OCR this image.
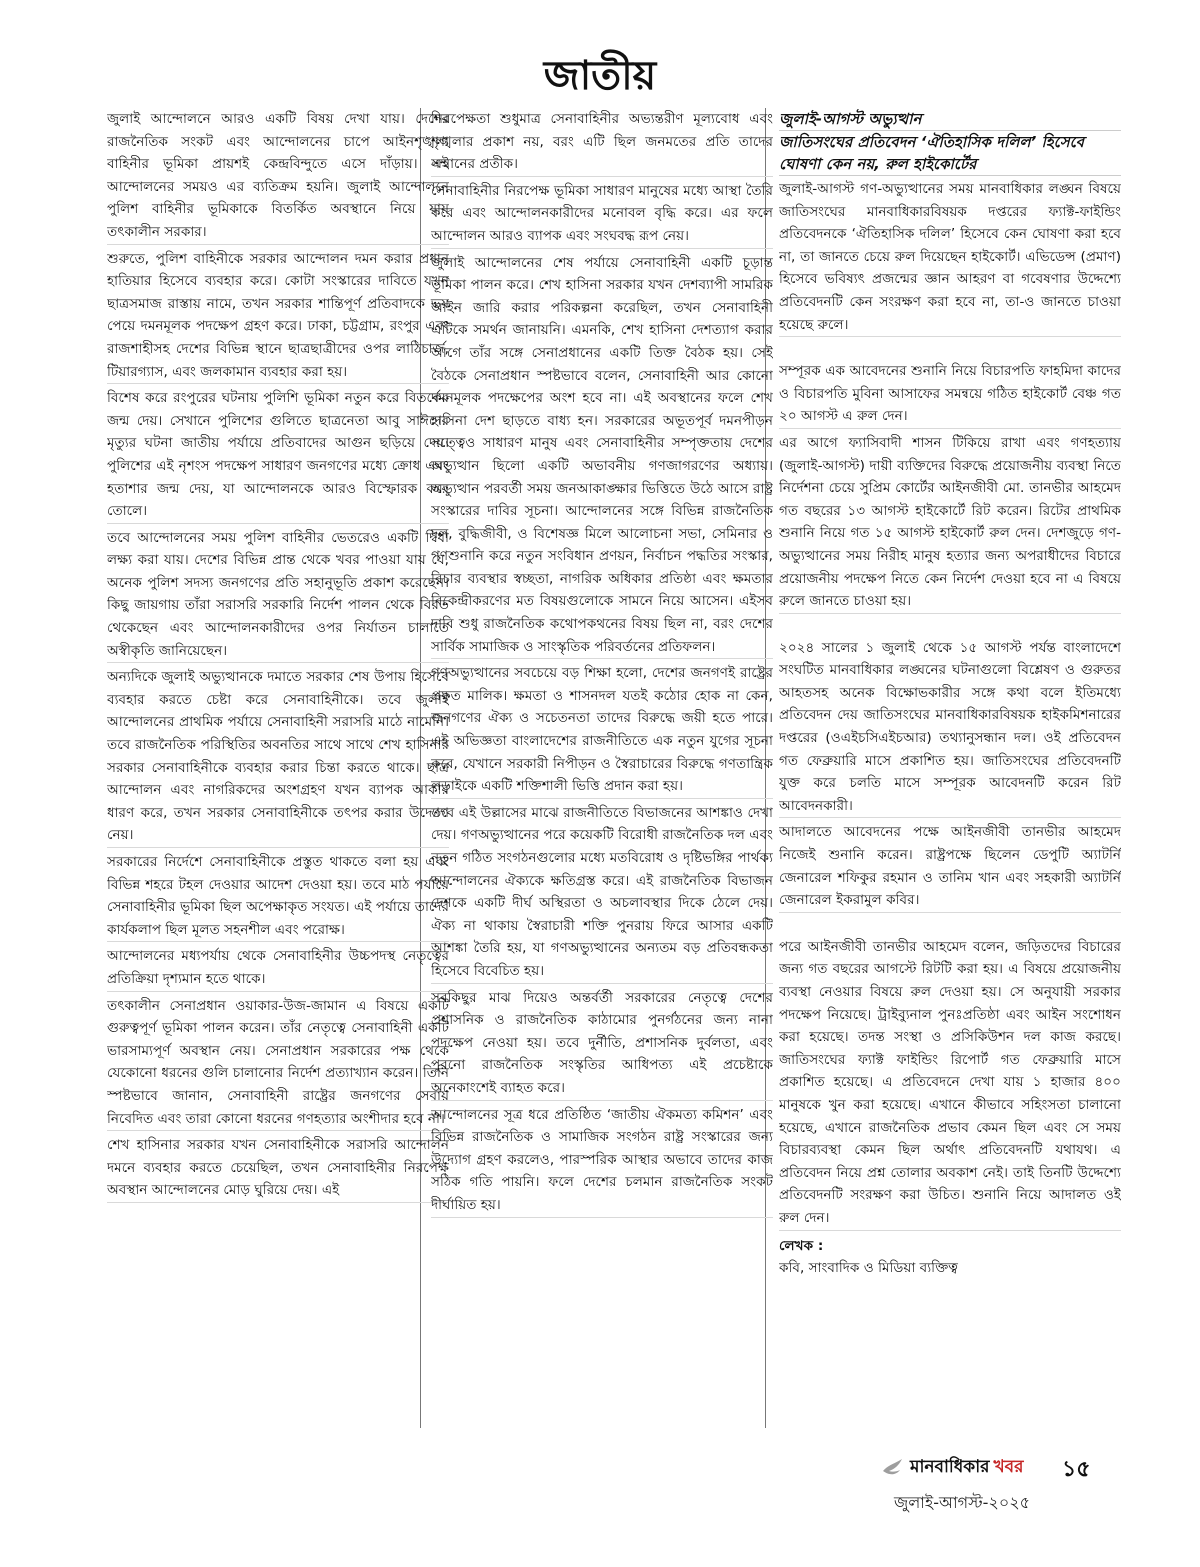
জাতীয়

জুলাই আন্দোলনে আরও একটি বিষয় দেখা যায়। দেশের রাজনৈতিক সংকট এবং আন্দোলনের চাপে আইনশৃঙ্খলা বাহিনীর ভূমিকা প্রায়শই কেন্দ্রবিন্দুতে এসে দাঁড়ায়। এই আন্দোলনের সময়ও এর ব্যতিক্রম হয়নি। জুলাই আন্দোলনে পুলিশ বাহিনীর ভূমিকাকে বিতর্কিত অবস্থানে নিয়ে যায় তৎকালীন সরকার।

শুরুতে, পুলিশ বাহিনীকে সরকার আন্দোলন দমন করার প্রধান হাতিয়ার হিসেবে ব্যবহার করে। কোটা সংস্কারের দাবিতে যখন ছাত্রসমাজ রাস্তায় নামে, তখন সরকার শান্তিপূর্ণ প্রতিবাদকে ভয় পেয়ে দমনমূলক পদক্ষেপ গ্রহণ করে। ঢাকা, চট্টগ্রাম, রংপুর এবং রাজশাহীসহ দেশের বিভিন্ন স্থানে ছাত্রছাত্রীদের ওপর লাঠিচার্জ, টিয়ারগ্যাস, এবং জলকামান ব্যবহার করা হয়।

বিশেষ করে রংপুরের ঘটনায় পুলিশি ভূমিকা নতুন করে বিতর্কের জন্ম দেয়। সেখানে পুলিশের গুলিতে ছাত্রনেতা আবু সাঈদের মৃত্যুর ঘটনা জাতীয় পর্যায়ে প্রতিবাদের আগুন ছড়িয়ে দেয়। পুলিশের এই নৃশংস পদক্ষেপ সাধারণ জনগণের মধ্যে ক্রোধ এবং হতাশার জন্ম দেয়, যা আন্দোলনকে আরও বিস্ফোরক করে তোলে।

তবে আন্দোলনের সময় পুলিশ বাহিনীর ভেতরেও একটি দ্বিধা লক্ষ্য করা যায়। দেশের বিভিন্ন প্রান্ত থেকে খবর পাওয়া যায় যে, অনেক পুলিশ সদস্য জনগণের প্রতি সহানুভূতি প্রকাশ করেছেন। কিছু জায়গায় তাঁরা সরাসরি সরকারি নির্দেশ পালন থেকে বিরত থেকেছেন এবং আন্দোলনকারীদের ওপর নির্যাতন চালাতে অস্বীকৃতি জানিয়েছেন।

অন্যদিকে জুলাই অভ্যুত্থানকে দমাতে সরকার শেষ উপায় হিসেবে ব্যবহার করতে চেষ্টা করে সেনাবাহিনীকে। তবে জুলাই আন্দোলনের প্রাথমিক পর্যায়ে সেনাবাহিনী সরাসরি মাঠে নামেনি। তবে রাজনৈতিক পরিস্থিতির অবনতির সাথে সাথে শেখ হাসিনার সরকার সেনাবাহিনীকে ব্যবহার করার চিন্তা করতে থাকে। ছাত্র আন্দোলন এবং নাগরিকদের অংশগ্রহণ যখন ব্যাপক আকার ধারণ করে, তখন সরকার সেনাবাহিনীকে তৎপর করার উদ্যোগ নেয়।

সরকারের নির্দেশে সেনাবাহিনীকে প্রস্তুত থাকতে বলা হয় এবং বিভিন্ন শহরে টহল দেওয়ার আদেশ দেওয়া হয়। তবে মাঠ পর্যায়ে সেনাবাহিনীর ভূমিকা ছিল অপেক্ষাকৃত সংযত। এই পর্যায়ে তাদের কার্যকলাপ ছিল মূলত সহনশীল এবং পরোক্ষ।

আন্দোলনের মধ্যপর্যায় থেকে সেনাবাহিনীর উচ্চপদস্থ নেতৃত্বের প্রতিক্রিয়া দৃশ্যমান হতে থাকে।

তৎকালীন সেনাপ্রধান ওয়াকার-উজ-জামান এ বিষয়ে একটি গুরুত্বপূর্ণ ভূমিকা পালন করেন। তাঁর নেতৃত্বে সেনাবাহিনী একটি ভারসাম্যপূর্ণ অবস্থান নেয়। সেনাপ্রধান সরকারের পক্ষ থেকে যেকোনো ধরনের গুলি চালানোর নির্দেশ প্রত্যাখ্যান করেন। তিনি স্পষ্টভাবে জানান, সেনাবাহিনী রাষ্ট্রের জনগণের সেবায় নিবেদিত এবং তারা কোনো ধরনের গণহত্যার অংশীদার হবে না।

শেখ হাসিনার সরকার যখন সেনাবাহিনীকে সরাসরি আন্দোলন দমনে ব্যবহার করতে চেয়েছিল, তখন সেনাবাহিনীর নিরপেক্ষ অবস্থান আন্দোলনের মোড় ঘুরিয়ে দেয়। এই

নিরপেক্ষতা শুধুমাত্র সেনাবাহিনীর অভ্যন্তরীণ মূল্যবোধ এবং শৃঙ্খলার প্রকাশ নয়, বরং এটি ছিল জনমতের প্রতি তাদের সম্মানের প্রতীক।

সেনাবাহিনীর নিরপেক্ষ ভূমিকা সাধারণ মানুষের মধ্যে আস্থা তৈরি করে এবং আন্দোলনকারীদের মনোবল বৃদ্ধি করে। এর ফলে আন্দোলন আরও ব্যাপক এবং সংঘবদ্ধ রূপ নেয়।

জুলাই আন্দোলনের শেষ পর্যায়ে সেনাবাহিনী একটি চূড়ান্ত ভূমিকা পালন করে। শেখ হাসিনা সরকার যখন দেশব্যাপী সামরিক আইন জারি করার পরিকল্পনা করেছিল, তখন সেনাবাহিনী এটিকে সমর্থন জানায়নি। এমনকি, শেখ হাসিনা দেশত্যাগ করার আগে তাঁর সঙ্গে সেনাপ্রধানের একটি তিক্ত বৈঠক হয়। সেই বৈঠকে সেনাপ্রধান স্পষ্টভাবে বলেন, সেনাবাহিনী আর কোনো দমনমূলক পদক্ষেপের অংশ হবে না। এই অবস্থানের ফলে শেখ হাসিনা দেশ ছাড়তে বাধ্য হন। সরকারের অভূতপূর্ব দমনপীড়ন সত্ত্বেও সাধারণ মানুষ এবং সেনাবাহিনীর সম্পৃক্ততায় দেশের অভ্যুত্থান ছিলো একটি অভাবনীয় গণজাগরণের অধ্যায়। অভ্যুত্থান পরবর্তী সময় জনআকাঙ্ক্ষার ভিত্তিতে উঠে আসে রাষ্ট্র সংস্কারের দাবির সূচনা। আন্দোলনের সঙ্গে বিভিন্ন রাজনৈতিক দল, বুদ্ধিজীবী, ও বিশেষজ্ঞ মিলে আলোচনা সভা, সেমিনার ও গণশুনানি করে নতুন সংবিধান প্রণয়ন, নির্বাচন পদ্ধতির সংস্কার, বিচার ব্যবস্থার স্বচ্ছতা, নাগরিক অধিকার প্রতিষ্ঠা এবং ক্ষমতার বিকেন্দ্রীকরণের মত বিষয়গুলোকে সামনে নিয়ে আসেন। এইসব দাবি শুধু রাজনৈতিক কথোপকথনের বিষয় ছিল না, বরং দেশের সার্বিক সামাজিক ও সাংস্কৃতিক পরিবর্তনের প্রতিফলন।

গণঅভ্যুত্থানের সবচেয়ে বড় শিক্ষা হলো, দেশের জনগণই রাষ্ট্রের প্রকৃত মালিক। ক্ষমতা ও শাসনদল যতই কঠোর হোক না কেন, জনগণের ঐক্য ও সচেতনতা তাদের বিরুদ্ধে জয়ী হতে পারে। এই অভিজ্ঞতা বাংলাদেশের রাজনীতিতে এক নতুন যুগের সূচনা করে, যেখানে সরকারী নিপীড়ন ও স্বৈরাচারের বিরুদ্ধে গণতান্ত্রিক লড়াইকে একটি শক্তিশালী ভিত্তি প্রদান করা হয়।

তবে এই উল্লাসের মাঝে রাজনীতিতে বিভাজনের আশঙ্কাও দেখা দেয়। গণঅভ্যুত্থানের পরে কয়েকটি বিরোধী রাজনৈতিক দল এবং নতুন গঠিত সংগঠনগুলোর মধ্যে মতবিরোধ ও দৃষ্টিভঙ্গির পার্থক্য আন্দোলনের ঐক্যকে ক্ষতিগ্রস্ত করে। এই রাজনৈতিক বিভাজন দেশকে একটি দীর্ঘ অস্থিরতা ও অচলাবস্থার দিকে ঠেলে দেয়। ঐক্য না থাকায় স্বৈরাচারী শক্তি পুনরায় ফিরে আসার একটি আশঙ্কা তৈরি হয়, যা গণঅভ্যুত্থানের অন্যতম বড় প্রতিবন্ধকতা হিসেবে বিবেচিত হয়।

সবকিছুর মাঝ দিয়েও অন্তর্বর্তী সরকারের নেতৃত্বে দেশের প্রশাসনিক ও রাজনৈতিক কাঠামোর পুনর্গঠনের জন্য নানা পদক্ষেপ নেওয়া হয়। তবে দুর্নীতি, প্রশাসনিক দুর্বলতা, এবং পুরনো রাজনৈতিক সংস্কৃতির আধিপত্য এই প্রচেষ্টাকে অনেকাংশেই ব্যাহত করে।

আন্দোলনের সূত্র ধরে প্রতিষ্ঠিত ‘জাতীয় ঐকমত্য কমিশন’ এবং বিভিন্ন রাজনৈতিক ও সামাজিক সংগঠন রাষ্ট্র সংস্কারের জন্য উদ্যোগ গ্রহণ করলেও, পারস্পরিক আস্থার অভাবে তাদের কাজ সঠিক গতি পায়নি। ফলে দেশের চলমান রাজনৈতিক সংকট দীর্ঘায়িত হয়।

জুলাই-আগস্ট অভ্যুত্থান
জাতিসংঘের প্রতিবেদন ‘ঐতিহাসিক দলিল’ হিসেবে ঘোষণা কেন নয়, রুল হাইকোর্টের

জুলাই-আগস্ট গণ-অভ্যুত্থানের সময় মানবাধিকার লঙ্ঘন বিষয়ে জাতিসংঘের মানবাধিকারবিষয়ক দপ্তরের ফ্যাক্ট-ফাইন্ডিং প্রতিবেদনকে ‘ঐতিহাসিক দলিল’ হিসেবে কেন ঘোষণা করা হবে না, তা জানতে চেয়ে রুল দিয়েছেন হাইকোর্ট। এভিডেন্স (প্রমাণ) হিসেবে ভবিষ্যৎ প্রজন্মের জ্ঞান আহরণ বা গবেষণার উদ্দেশ্যে প্রতিবেদনটি কেন সংরক্ষণ করা হবে না, তা-ও জানতে চাওয়া হয়েছে রুলে।

সম্পূরক এক আবেদনের শুনানি নিয়ে বিচারপতি ফাহমিদা কাদের ও বিচারপতি মুবিনা আসাফের সমন্বয়ে গঠিত হাইকোর্ট বেঞ্চ গত ২০ আগস্ট এ রুল দেন।

এর আগে ফ্যাসিবাদী শাসন টিকিয়ে রাখা এবং গণহত্যায় (জুলাই-আগস্ট) দায়ী ব্যক্তিদের বিরুদ্ধে প্রয়োজনীয় ব্যবস্থা নিতে নির্দেশনা চেয়ে সুপ্রিম কোর্টের আইনজীবী মো. তানভীর আহমেদ গত বছরের ১৩ আগস্ট হাইকোর্টে রিট করেন। রিটের প্রাথমিক শুনানি নিয়ে গত ১৫ আগস্ট হাইকোর্ট রুল দেন। দেশজুড়ে গণ-অভ্যুত্থানের সময় নিরীহ মানুষ হত্যার জন্য অপরাধীদের বিচারে প্রয়োজনীয় পদক্ষেপ নিতে কেন নির্দেশ দেওয়া হবে না এ বিষয়ে রুলে জানতে চাওয়া হয়।

২০২৪ সালের ১ জুলাই থেকে ১৫ আগস্ট পর্যন্ত বাংলাদেশে সংঘটিত মানবাধিকার লঙ্ঘনের ঘটনাগুলো বিশ্লেষণ ও গুরুতর আহতসহ অনেক বিক্ষোভকারীর সঙ্গে কথা বলে ইতিমধ্যে প্রতিবেদন দেয় জাতিসংঘের মানবাধিকারবিষয়ক হাইকমিশনারের দপ্তরের (ওএইচসিএইচআর) তথ্যানুসন্ধান দল। ওই প্রতিবেদন গত ফেব্রুয়ারি মাসে প্রকাশিত হয়। জাতিসংঘের প্রতিবেদনটি যুক্ত করে চলতি মাসে সম্পূরক আবেদনটি করেন রিট আবেদনকারী।

আদালতে আবেদনের পক্ষে আইনজীবী তানভীর আহমেদ নিজেই শুনানি করেন। রাষ্ট্রপক্ষে ছিলেন ডেপুটি অ্যাটর্নি জেনারেল শফিকুর রহমান ও তানিম খান এবং সহকারী অ্যাটর্নি জেনারেল ইকরামুল কবির।

পরে আইনজীবী তানভীর আহমেদ বলেন, জড়িতদের বিচারের জন্য গত বছরের আগস্টে রিটটি করা হয়। এ বিষয়ে প্রয়োজনীয় ব্যবস্থা নেওয়ার বিষয়ে রুল দেওয়া হয়। সে অনুযায়ী সরকার পদক্ষেপ নিয়েছে। ট্রাইব্যুনাল পুনঃপ্রতিষ্ঠা এবং আইন সংশোধন করা হয়েছে। তদন্ত সংস্থা ও প্রসিকিউশন দল কাজ করছে। জাতিসংঘের ফ্যাক্ট ফাইন্ডিং রিপোর্ট গত ফেব্রুয়ারি মাসে প্রকাশিত হয়েছে। এ প্রতিবেদনে দেখা যায় ১ হাজার ৪০০ মানুষকে খুন করা হয়েছে। এখানে কীভাবে সহিংসতা চালানো হয়েছে, এখানে রাজনৈতিক প্রভাব কেমন ছিল এবং সে সময় বিচারব্যবস্থা কেমন ছিল অর্থাৎ প্রতিবেদনটি যথাযথ। এ প্রতিবেদন নিয়ে প্রশ্ন তোলার অবকাশ নেই। তাই তিনটি উদ্দেশ্যে প্রতিবেদনটি সংরক্ষণ করা উচিত। শুনানি নিয়ে আদালত ওই রুল দেন।

লেখক :
কবি, সাংবাদিক ও মিডিয়া ব্যক্তিত্ব
মানবাধিকার খবর ১৫
জুলাই-আগস্ট-২০২৫
